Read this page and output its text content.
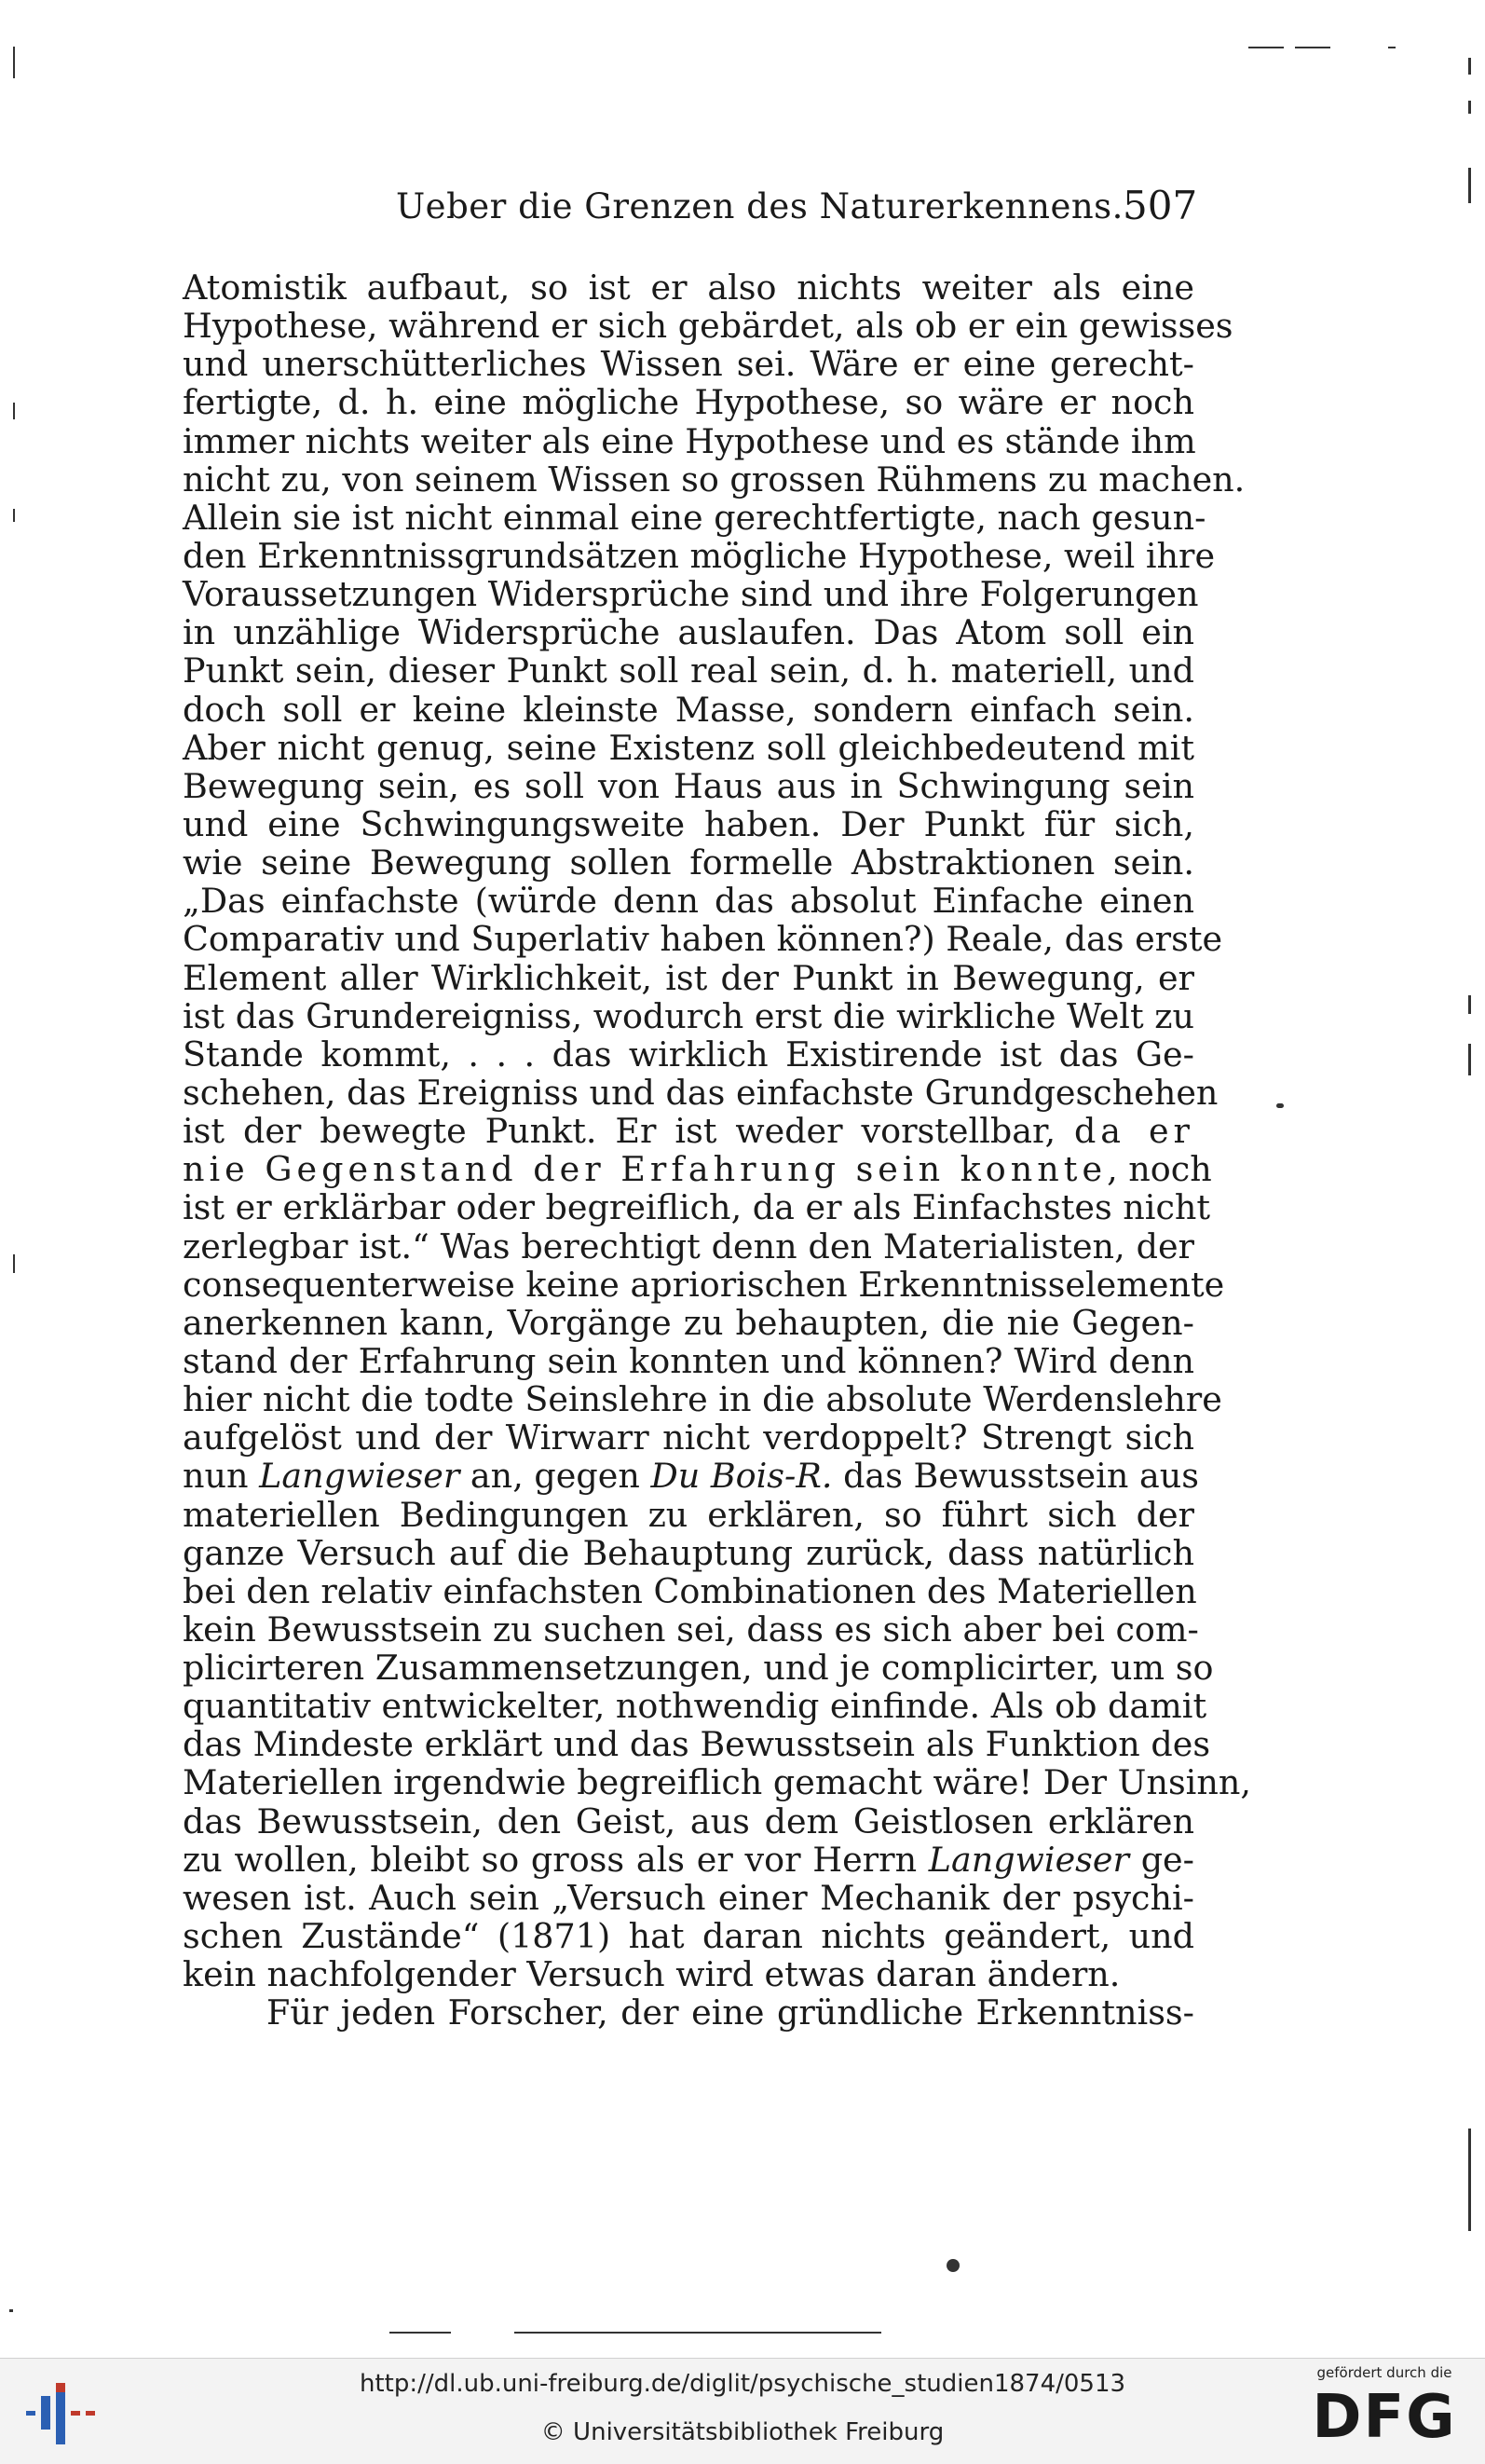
Ueber die Grenzen des Naturerkennens. 507
Atomistik aufbaut, so ist er also nichts weiter als eine
Hypothese, während er sich gebärdet, als ob er ein gewisses
und unerschütterliches Wissen sei. Wäre er eine gerecht-
fertigte, d. h. eine mögliche Hypothese, so wäre er noch
immer nichts weiter als eine Hypothese und es stände ihm
nicht zu, von seinem Wissen so grossen Rühmens zu machen.
Allein sie ist nicht einmal eine gerechtfertigte, nach gesun-
den Erkenntnissgrundsätzen mögliche Hypothese, weil ihre
Voraussetzungen Widersprüche sind und ihre Folgerungen
in unzählige Widersprüche auslaufen. Das Atom soll ein
Punkt sein, dieser Punkt soll real sein, d. h. materiell, und
doch soll er keine kleinste Masse, sondern einfach sein.
Aber nicht genug, seine Existenz soll gleichbedeutend mit
Bewegung sein, es soll von Haus aus in Schwingung sein
und eine Schwingungsweite haben. Der Punkt für sich,
wie seine Bewegung sollen formelle Abstraktionen sein.
„Das einfachste (würde denn das absolut Einfache einen
Comparativ und Superlativ haben können?) Reale, das erste
Element aller Wirklichkeit, ist der Punkt in Bewegung, er
ist das Grundereigniss, wodurch erst die wirkliche Welt zu
Stande kommt, . . . das wirklich Existirende ist das Ge-
schehen, das Ereigniss und das einfachste Grundgeschehen
ist der bewegte Punkt. Er ist weder vorstellbar, da er
nie Gegenstand der Erfahrung sein konnte, noch
ist er erklärbar oder begreiflich, da er als Einfachstes nicht
zerlegbar ist.“ Was berechtigt denn den Materialisten, der
consequenterweise keine apriorischen Erkenntnisselemente
anerkennen kann, Vorgänge zu behaupten, die nie Gegen-
stand der Erfahrung sein konnten und können? Wird denn
hier nicht die todte Seinslehre in die absolute Werdenslehre
aufgelöst und der Wirwarr nicht verdoppelt? Strengt sich
nun Langwieser an, gegen Du Bois-R. das Bewusstsein aus
materiellen Bedingungen zu erklären, so führt sich der
ganze Versuch auf die Behauptung zurück, dass natürlich
bei den relativ einfachsten Combinationen des Materiellen
kein Bewusstsein zu suchen sei, dass es sich aber bei com-
plicirteren Zusammensetzungen, und je complicirter, um so
quantitativ entwickelter, nothwendig einfinde. Als ob damit
das Mindeste erklärt und das Bewusstsein als Funktion des
Materiellen irgendwie begreiflich gemacht wäre! Der Unsinn,
das Bewusstsein, den Geist, aus dem Geistlosen erklären
zu wollen, bleibt so gross als er vor Herrn Langwieser ge-
wesen ist. Auch sein „Versuch einer Mechanik der psychi-
schen Zustände“ (1871) hat daran nichts geändert, und
kein nachfolgender Versuch wird etwas daran ändern.
Für jeden Forscher, der eine gründliche Erkenntniss-
http://dl.ub.uni-freiburg.de/diglit/psychische_studien1874/0513
© Universitätsbibliothek Freiburg
gefördert durch die
DFG
